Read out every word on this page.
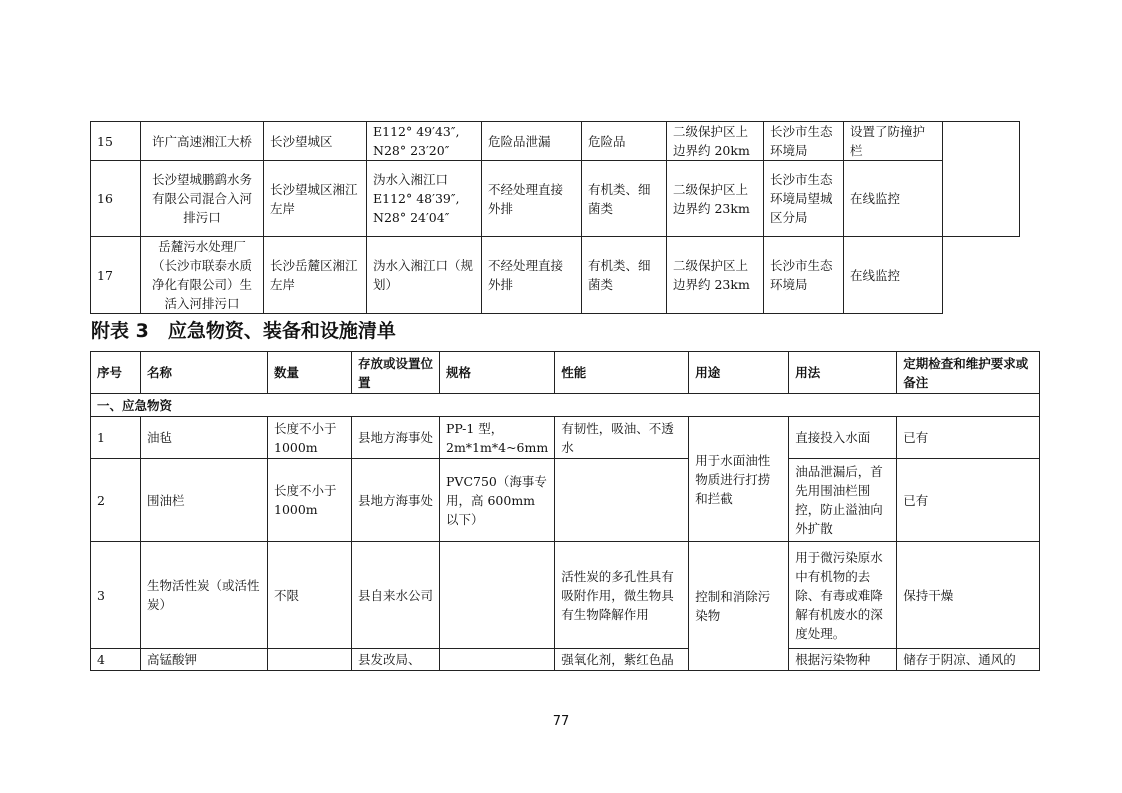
15	许广高速湘江大桥	长沙望城区	E112° 49′43″, N28° 23′20″	危险品泄漏	危险品	二级保护区上边界约 20km	长沙市生态环境局	设置了防撞护栏	
16	长沙望城鹏鹞水务有限公司混合入河排污口	长沙望城区湘江左岸	沩水入湘江口 E112° 48′39″, N28° 24′04″	不经处理直接外排	有机类、细菌类	二级保护区上边界约 23km	长沙市生态环境局望城区分局	在线监控	
17	岳麓污水处理厂（长沙市联泰水质净化有限公司）生活入河排污口	长沙岳麓区湘江左岸	沩水入湘江口（规划）	不经处理直接外排	有机类、细菌类	二级保护区上边界约 23km	长沙市生态环境局	在线监控	
附表 3　应急物资、装备和设施清单
序号	名称	数量	存放或设置位置	规格	性能	用途	用法	定期检查和维护要求或备注
一、应急物资								
1	油毡	长度不小于 1000m	县地方海事处	PP-1 型，2m*1m*4~6mm	有韧性，吸油、不透水	用于水面油性物质进行打捞和拦截	直接投入水面	已有
2	围油栏	长度不小于 1000m	县地方海事处	PVC750（海事专用，高 600mm 以下）			油品泄漏后，首先用围油栏围控，防止溢油向外扩散	已有
3	生物活性炭（或活性炭）	不限	县自来水公司		活性炭的多孔性具有吸附作用，微生物具有生物降解作用	控制和消除污染物	用于微污染原水中有机物的去除、有毒或难降解有机废水的深度处理。	保持干燥
4	高锰酸钾		县发改局、		强氧化剂，紫红色晶		根据污染物种	储存于阴凉、通风的
77
